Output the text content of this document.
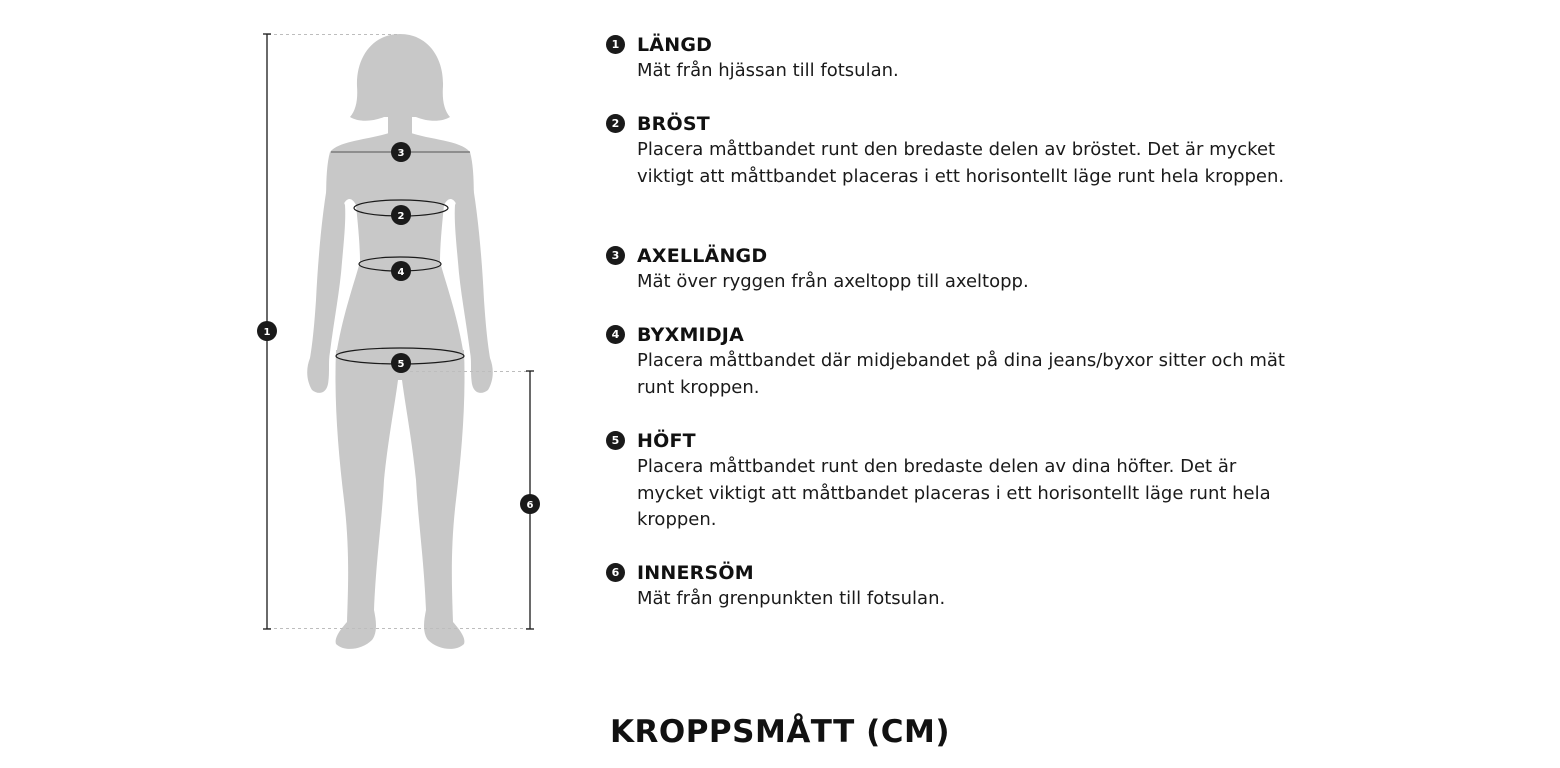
1
2
3
4
5
6
1 LÄNGD

Mät från hjässan till fotsulan.

2 BRÖST

Placera måttbandet runt den bredaste delen av bröstet. Det är mycket viktigt att måttbandet placeras i ett horisontellt läge runt hela kroppen.

3 AXELLÄNGD

Mät över ryggen från axeltopp till axeltopp.

4 BYXMIDJA

Placera måttbandet där midjebandet på dina jeans/byxor sitter och mät runt kroppen.

5 HÖFT

Placera måttbandet runt den bredaste delen av dina höfter. Det är mycket viktigt att måttbandet placeras i ett horisontellt läge runt hela kroppen.

6 INNERSÖM

Mät från grenpunkten till fotsulan.

KROPPSMÅTT (CM)
